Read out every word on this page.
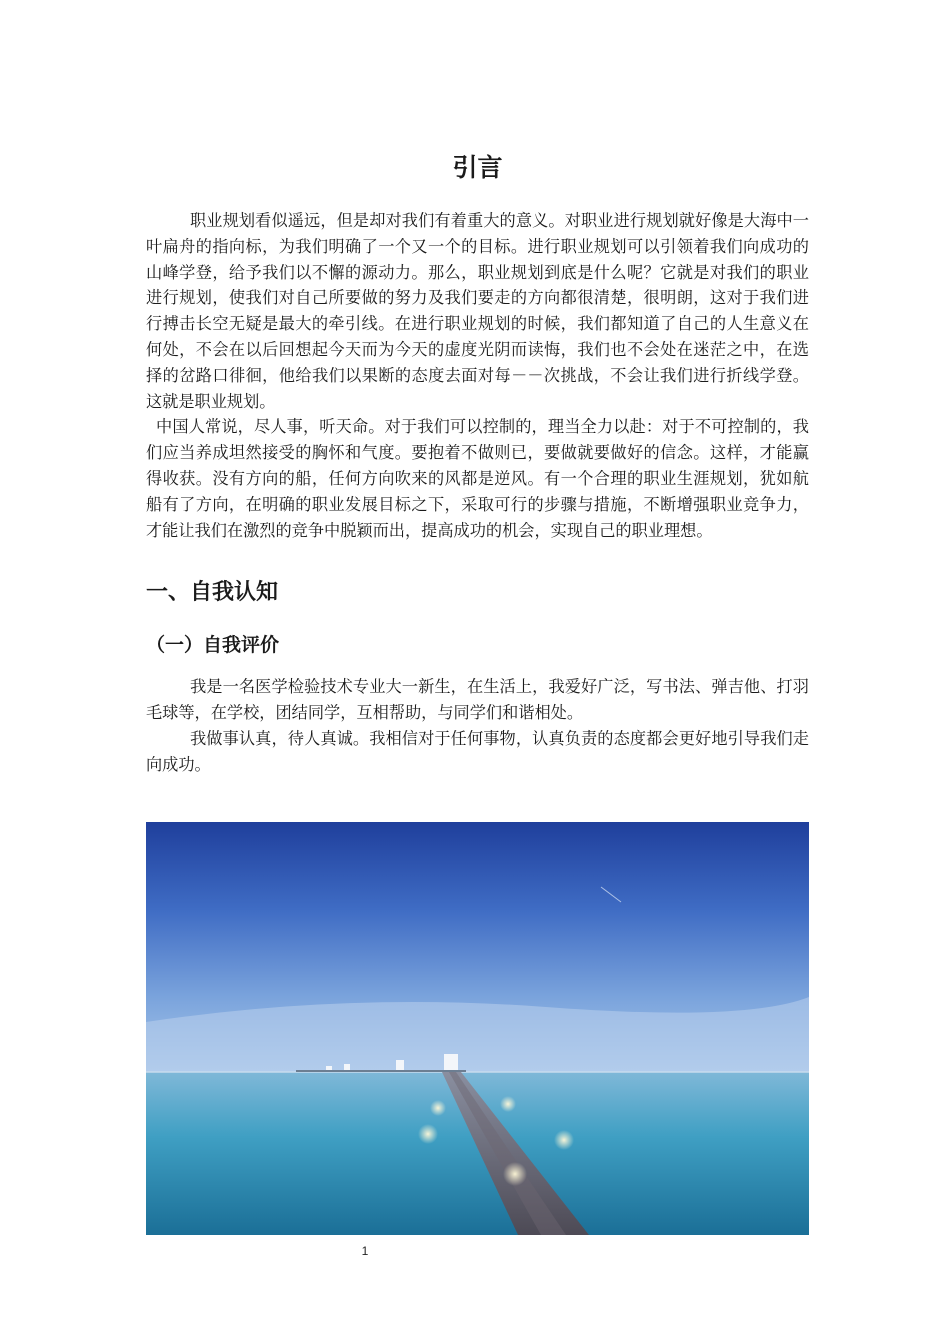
引言

职业规划看似遥远，但是却对我们有着重大的意义。对职业进行规划就好像是大海中一叶扁舟的指向标，为我们明确了一个又一个的目标。进行职业规划可以引领着我们向成功的山峰学登，给予我们以不懈的源动力。那么，职业规划到底是什么呢？它就是对我们的职业进行规划，使我们对自己所要做的努力及我们要走的方向都很清楚，很明朗，这对于我们进行搏击长空无疑是最大的牵引线。在进行职业规划的时候，我们都知道了自己的人生意义在何处，不会在以后回想起今天而为今天的虚度光阴而读悔，我们也不会处在迷茫之中，在选择的岔路口徘徊，他给我们以果断的态度去面对每－－次挑战，不会让我们进行折线学登。这就是职业规划。

中国人常说，尽人事，听天命。对于我们可以控制的，理当全力以赴：对于不可控制的，我们应当养成坦然接受的胸怀和气度。要抱着不做则已，要做就要做好的信念。这样，才能赢得收获。没有方向的船，任何方向吹来的风都是逆风。有一个合理的职业生涯规划，犹如航船有了方向，在明确的职业发展目标之下，采取可行的步骤与措施，不断增强职业竞争力，才能让我们在激烈的竞争中脱颖而出，提高成功的机会，实现自己的职业理想。

一、自我认知
（一）自我评价

我是一名医学检验技术专业大一新生，在生活上，我爱好广泛，写书法、弹吉他、打羽毛球等，在学校，团结同学，互相帮助，与同学们和谐相处。

我做事认真，待人真诚。我相信对于任何事物，认真负责的态度都会更好地引导我们走向成功。

1
